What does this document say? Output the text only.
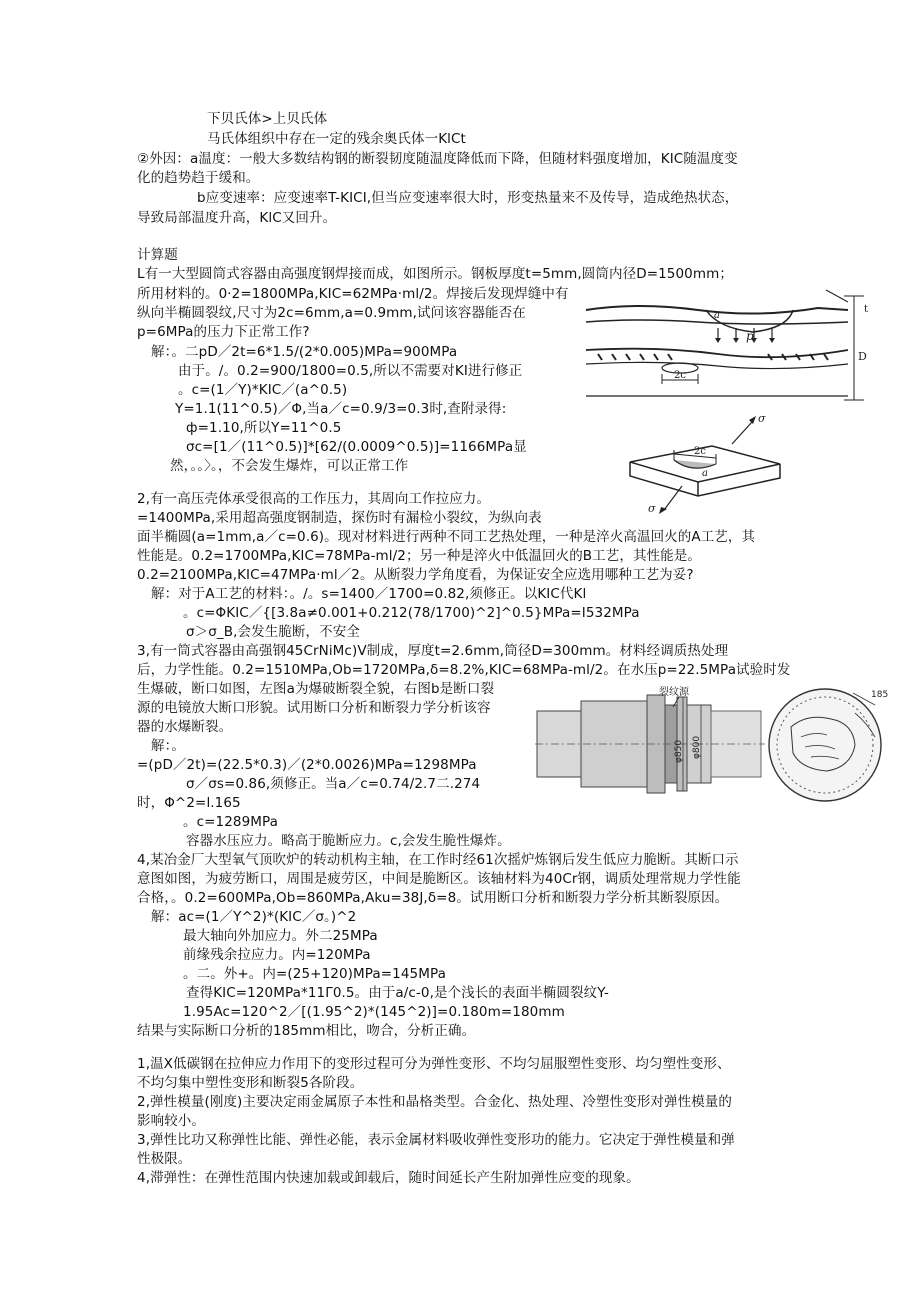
下贝氏体>上贝氏体
马氏体组织中存在一定的残余奥氏体一KlCt
②外因：a温度：一般大多数结构钢的断裂韧度随温度降低而下降，但随材料强度增加，KIC随温度变
化的趋势趋于缓和。
b应变速率：应变速率T-KICI,但当应变速率很大时，形变热量来不及传导，造成绝热状态，
导致局部温度升高，KlC又回升。
计算题
L有一大型圆筒式容器由高强度钢焊接而成，如图所示。钢板厚度t=5mm,圆筒内径D=1500mm；
所用材料的。0·2=1800MPa,KIC=62MPa·ml/2。焊接后发现焊缝中有
纵向半椭圆裂纹,尺寸为2c=6mm,a=0.9mm,试问该容器能否在
p=6MPa的压力下正常工作?
解：。二pD／2t=6*1.5/(2*0.005)MPa=900MPa
由于。/。0.2=900/1800=0.5,所以不需要对KI进行修正
。c=(1／Y)*KIC／(a^0.5)
Y=1.1(11^0.5)／Φ,当a／c=0.9/3=0.3时,查附录得:
ф=1.10,所以Y=11^0.5
σc=[1／(11^0.5)]*[62/(0.0009^0.5)]=1166MPa显
然，。。〉。，不会发生爆炸，可以正常工作
2,有一高压壳体承受很高的工作压力，其周向工作拉应力。
=1400MPa,采用超高强度钢制造，探伤时有漏检小裂纹，为纵向表
面半椭圆(a=1mm,a／c=0.6)。现对材料进行两种不同工艺热处理，一种是淬火高温回火的A工艺，其
性能是。0.2=1700MPa,KIC=78MPa-ml/2；另一种是淬火中低温回火的B工艺，其性能是。
0.2=2100MPa,KIC=47MPa·ml／2。从断裂力学角度看，为保证安全应选用哪种工艺为妥?
解：对于A工艺的材料：。/。s=1400／1700=0.82,须修正。以KIC代Kl
。c=ΦKIC／{[3.8a≠0.001+0.212(78/1700)^2]^0.5}MPa=I532MPa
σ＞σ_B,会发生脆断，不安全
3,有一筒式容器由高强钢45CrNiMc)V制成，厚度t=2.6mm,筒径D=300mm。材料经调质热处理
后，力学性能。0.2=1510MPa,Ob=1720MPa,δ=8.2%,KIC=68MPa-ml/2。在水压p=22.5MPa试验时发
生爆破，断口如图，左图a为爆破断裂全貌，右图b是断口裂
源的电镜放大断口形貌。试用断口分析和断裂力学分析该容
器的水爆断裂。
解：。
=(pD／2t)=(22.5*0.3)／(2*0.0026)MPa=1298MPa
σ／σs=0.86,须修正。当a／c=0.74/2.7二.274
时，Φ^2=l.165
。c=1289MPa
容器水压应力。略高于脆断应力。c,会发生脆性爆炸。
4,某冶金厂大型氧气顶吹炉的转动机构主轴，在工作时经61次摇炉炼钢后发生低应力脆断。其断口示
意图如图，为疲劳断口，周围是疲劳区，中间是脆断区。该轴材料为40Cr钢，调质处理常规力学性能
合格，。0.2=600MPa,Ob=860MPa,Aku=38J,δ=8。试用断口分析和断裂力学分析其断裂原因。
解：ac=(1／Y^2)*(KIC／σ。)^2
最大轴向外加应力。外二25MPa
前缘残余拉应力。内=120MPa
。二。外+。内=(25+120)MPa=145MPa
查得KIC=120MPa*11Γ0.5。由于a/c-0,是个浅长的表面半椭圆裂纹Y-
1.95Ac=120^2／[(1.95^2)*(145^2)]=0.180m=180mm
结果与实际断口分析的185mm相比，吻合，分析正确。
1,温X低碳钢在拉伸应力作用下的变形过程可分为弹性变形、不均匀屈服塑性变形、均匀塑性变形、
不均匀集中塑性变形和断裂5各阶段。
2,弹性模量(刚度)主要决定雨金属原子本性和晶格类型。合金化、热处理、冷塑性变形对弹性模量的
影响较小。
3,弹性比功又称弹性比能、弹性必能，表示金属材料吸收弹性变形功的能力。它决定于弹性模量和弹
性极限。
4,滞弹性：在弹性范围内快速加载或卸载后，随时间延长产生附加弹性应变的现象。
p
2c
D
t
a
2c
a
σ
σ
裂纹源
φ850 φ800
185
